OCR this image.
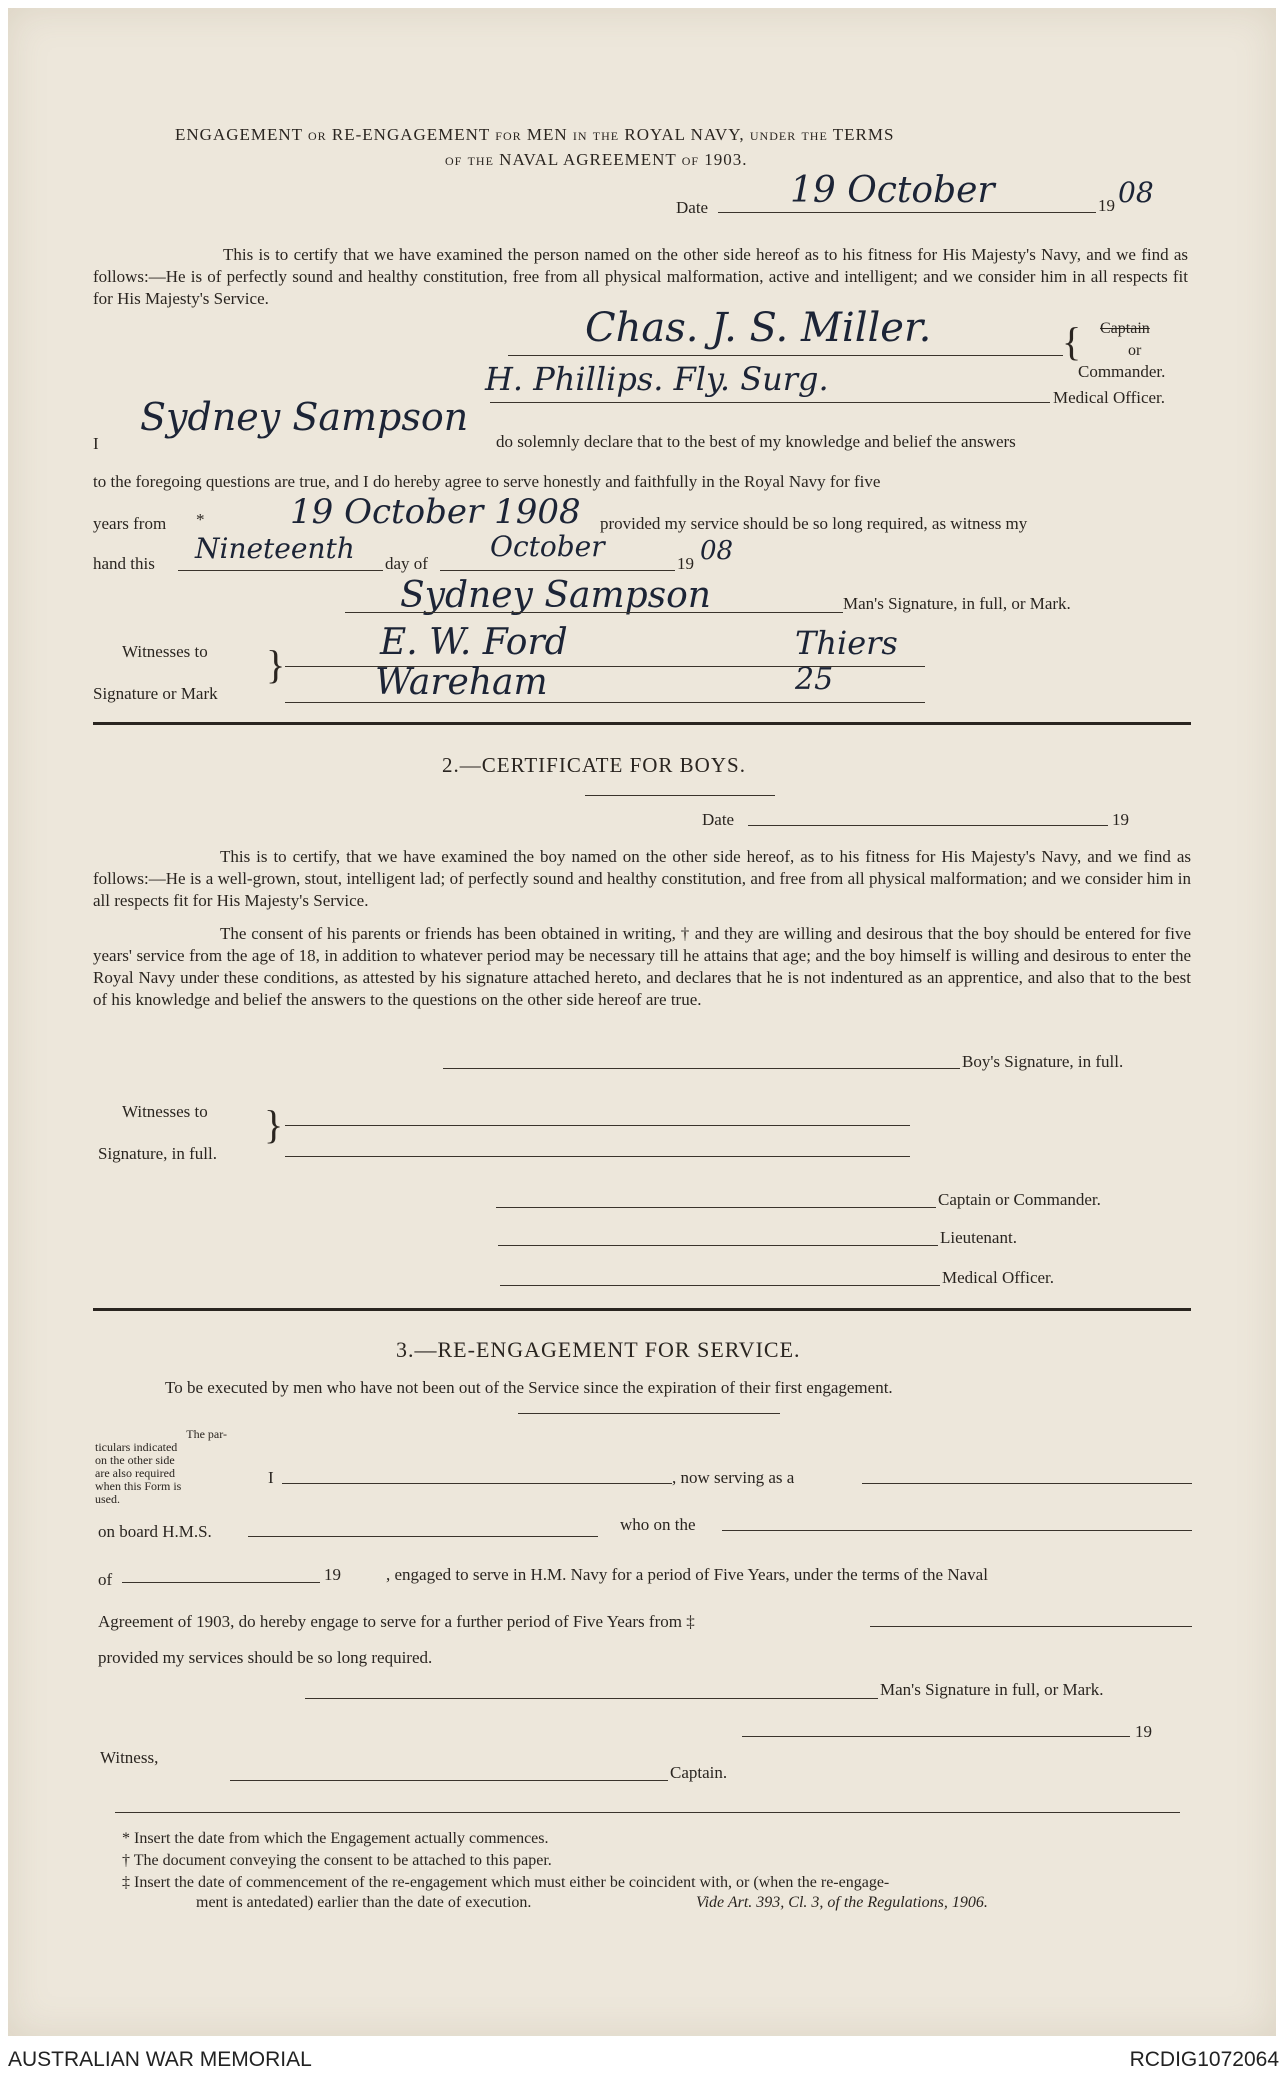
ENGAGEMENT or RE-ENGAGEMENT for MEN in the ROYAL NAVY, under the TERMS
of the NAVAL AGREEMENT of 1903.
Date 19 October	19 08
This is to certify that we have examined the person named on the other side hereof as to his fitness for His Majesty's Navy, and we find as follows:—He is of perfectly sound and healthy constitution, free from all physical malformation, active and intelligent; and we consider him in all respects fit for His Majesty's Service.
Chas. J. S. Miller.	Captain
or
Commander.
{
H. Phillips. Fly. Surg.	Medical Officer.
I
Sydney Sampson
do solemnly declare that to the best of my knowledge and belief the answers
to the foregoing questions are true, and I do hereby agree to serve honestly and faithfully in the Royal Navy for five
years from *	19 October 1908 provided my service should be so long required, as witness my
hand this Nineteenth day of
October
19 08
Sydney Sampson	Man's Signature, in full, or Mark.
Witnesses to
Signature or Mark
}	E. W. Ford	Thiers
Wareham	25
2.—CERTIFICATE FOR BOYS.
Date	19
This is to certify, that we have examined the boy named on the other side hereof, as to his fitness for His Majesty's Navy, and we find as follows:—He is a well-grown, stout, intelligent lad; of perfectly sound and healthy constitution, and free from all physical malformation; and we consider him in all respects fit for His Majesty's Service.
The consent of his parents or friends has been obtained in writing, † and they are willing and desirous that the boy should be entered for five years' service from the age of 18, in addition to whatever period may be necessary till he attains that age; and the boy himself is willing and desirous to enter the Royal Navy under these conditions, as attested by his signature attached hereto, and declares that he is not indentured as an apprentice, and also that to the best of his knowledge and belief the answers to the questions on the other side hereof are true.
Boy's Signature, in full.
Witnesses to
Signature, in full.
}
Captain or Commander.
Lieutenant.
Medical Officer.
3.—RE-ENGAGEMENT FOR SERVICE.
To be executed by men who have not been out of the Service since the expiration of their first engagement.
The par-
ticulars indicated
on the other side
are also required
when this Form is
used.
I	, now serving as a
on board H.M.S.	who on the
of	19	, engaged to serve in H.M. Navy for a period of Five Years, under the terms of the Naval
Agreement of 1903, do hereby engage to serve for a further period of Five Years from ‡
provided my services should be so long required.
Man's Signature in full, or Mark.
19
Witness,
Captain.
* Insert the date from which the Engagement actually commences.
† The document conveying the consent to be attached to this paper.
‡ Insert the date of commencement of the re-engagement which must either be coincident with, or (when the re-engage-
ment is antedated) earlier than the date of execution.	Vide Art. 393, Cl. 3, of the Regulations, 1906.
AUSTRALIAN WAR MEMORIAL	RCDIG1072064
